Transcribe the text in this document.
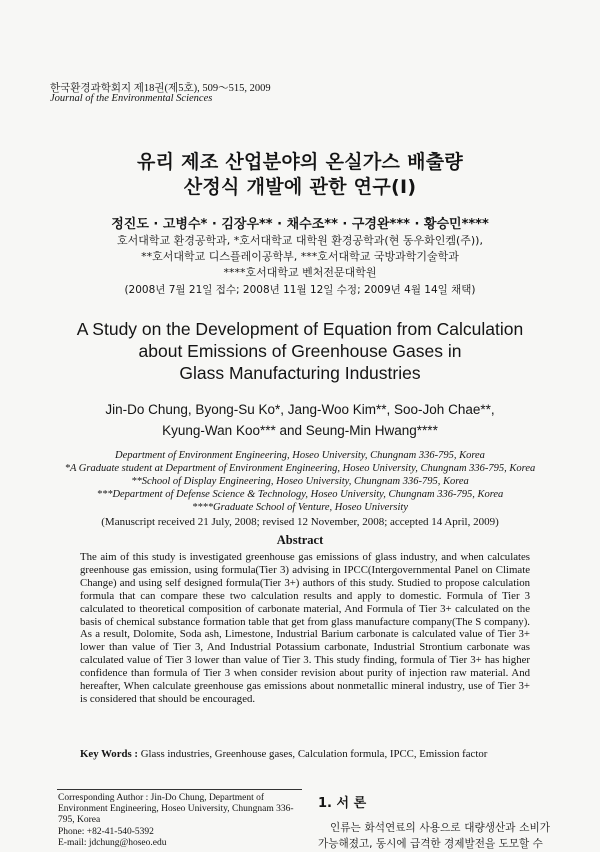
한국환경과학회지 제18권(제5호), 509～515, 2009
Journal of the Environmental Sciences
유리 제조 산업분야의 온실가스 배출량
산정식 개발에 관한 연구(Ⅰ)
정진도 · 고병수* · 김장우** · 채수조** · 구경완*** · 황승민****
호서대학교 환경공학과, *호서대학교 대학원 환경공학과(현 동우화인켐(주)),
**호서대학교 디스플레이공학부, ***호서대학교 국방과학기술학과
****호서대학교 벤처전문대학원
(2008년 7월 21일 접수; 2008년 11월 12일 수정; 2009년 4월 14일 채택)
A Study on the Development of Equation from Calculation
about Emissions of Greenhouse Gases in
Glass Manufacturing Industries
Jin-Do Chung, Byong-Su Ko*, Jang-Woo Kim**, Soo-Joh Chae**,
Kyung-Wan Koo*** and Seung-Min Hwang****
Department of Environment Engineering, Hoseo University, Chungnam 336-795, Korea
*A Graduate student at Department of Environment Engineering, Hoseo University, Chungnam 336-795, Korea
**School of Display Engineering, Hoseo University, Chungnam 336-795, Korea
***Department of Defense Science & Technology, Hoseo University, Chungnam 336-795, Korea
****Graduate School of Venture, Hoseo University
(Manuscript received 21 July, 2008; revised 12 November, 2008; accepted 14 April, 2009)
Abstract

The aim of this study is investigated greenhouse gas emissions of glass industry, and when calculates greenhouse gas emission, using formula(Tier 3) advising in IPCC(Intergovernmental Panel on Climate Change) and using self designed formula(Tier 3+) authors of this study. Studied to propose calculation formula that can compare these two calculation results and apply to domestic. Formula of Tier 3 calculated to theoretical composition of carbonate material, And Formula of Tier 3+ calculated on the basis of chemical substance formation table that get from glass manufacture company(The S company). As a result, Dolomite, Soda ash, Limestone, Industrial Barium carbonate is calculated value of Tier 3+ lower than value of Tier 3, And Industrial Potassium carbonate, Industrial Strontium carbonate was calculated value of Tier 3 lower than value of Tier 3. This study finding, formula of Tier 3+ has higher confidence than formula of Tier 3 when consider revision about purity of injection raw material. And hereafter, When calculate greenhouse gas emissions about nonmetallic mineral industry, use of Tier 3+ is considered that should be encouraged.

Key Words : Glass industries, Greenhouse gases, Calculation formula, IPCC, Emission factor

Corresponding Author : Jin-Do Chung, Department of Environment Engineering, Hoseo University, Chungnam 336-795, Korea
Phone: +82-41-540-5392
E-mail: jdchung@hoseo.edu

1. 서 론

인류는 화석연료의 사용으로 대량생산과 소비가 가능해졌고, 동시에 급격한 경제발전을 도모할 수
